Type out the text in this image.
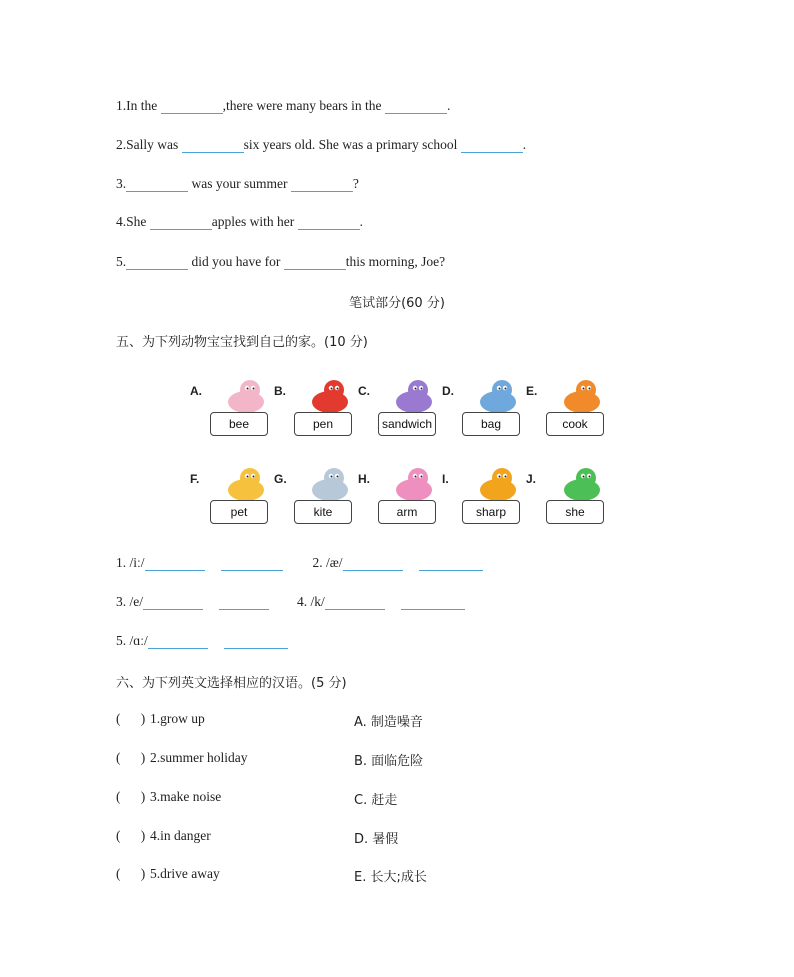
1.In the	,there were many bears in the	.
2.Sally was	six years old. She was a primary school	.
3.	was your summer	?
4.She	apples with her	.
5.	did you have for	this morning, Joe?
笔试部分(60 分)
五、为下列动物宝宝找到自己的家。(10 分)
A.
bee
B.
pen
C.
sandwich
D.
bag
E.
cook
F.
pet
G.
kite
H.
arm
I.
sharp
J.
she
1. /iː/	2. /æ/
3. /e/	4. /k/
5. /ɑː/
六、为下列英文选择相应的汉语。(5 分)
(      ) 1.grow up	A. 制造噪音
(      ) 2.summer holiday	B. 面临危险
(      ) 3.make noise	C. 赶走
(      ) 4.in danger	D. 暑假
(      ) 5.drive away	E. 长大;成长
